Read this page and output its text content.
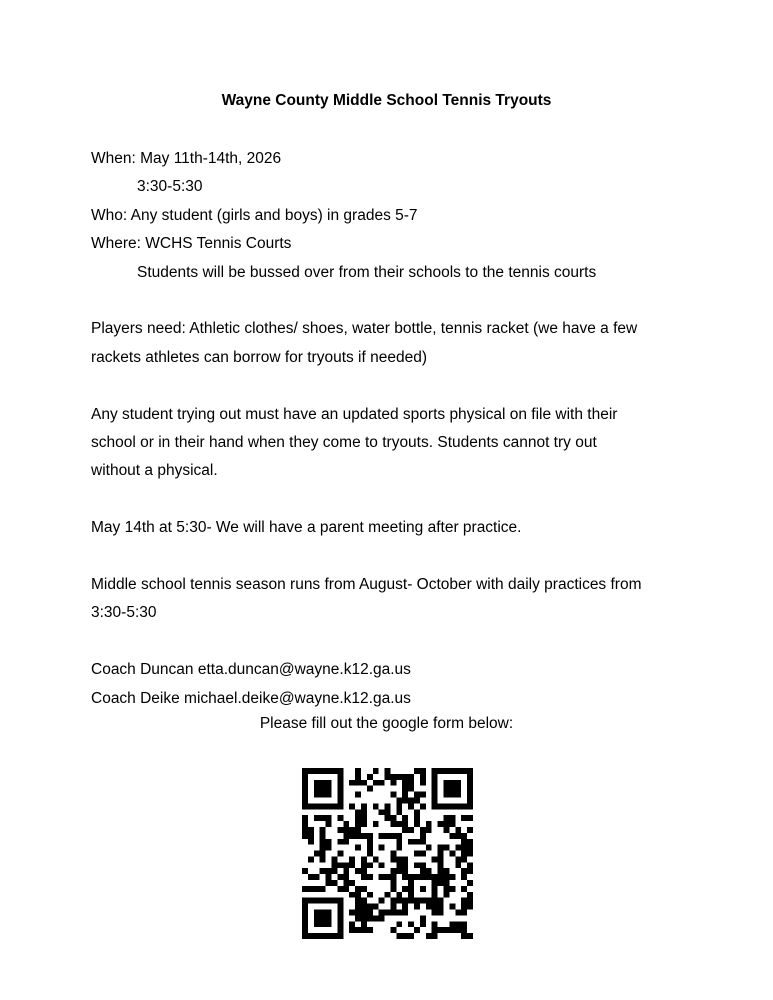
Wayne County Middle School Tennis Tryouts
When: May 11th-14th, 2026
3:30-5:30
Who: Any student (girls and boys) in grades 5-7
Where: WCHS Tennis Courts
Students will be bussed over from their schools to the tennis courts
Players need: Athletic clothes/ shoes, water bottle, tennis racket (we have a few
rackets athletes can borrow for tryouts if needed)
Any student trying out must have an updated sports physical on file with their
school or in their hand when they come to tryouts. Students cannot try out
without a physical.
May 14th at 5:30- We will have a parent meeting after practice.
Middle school tennis season runs from August- October with daily practices from
3:30-5:30
Coach Duncan etta.duncan@wayne.k12.ga.us
Coach Deike michael.deike@wayne.k12.ga.us
Please fill out the google form below:
